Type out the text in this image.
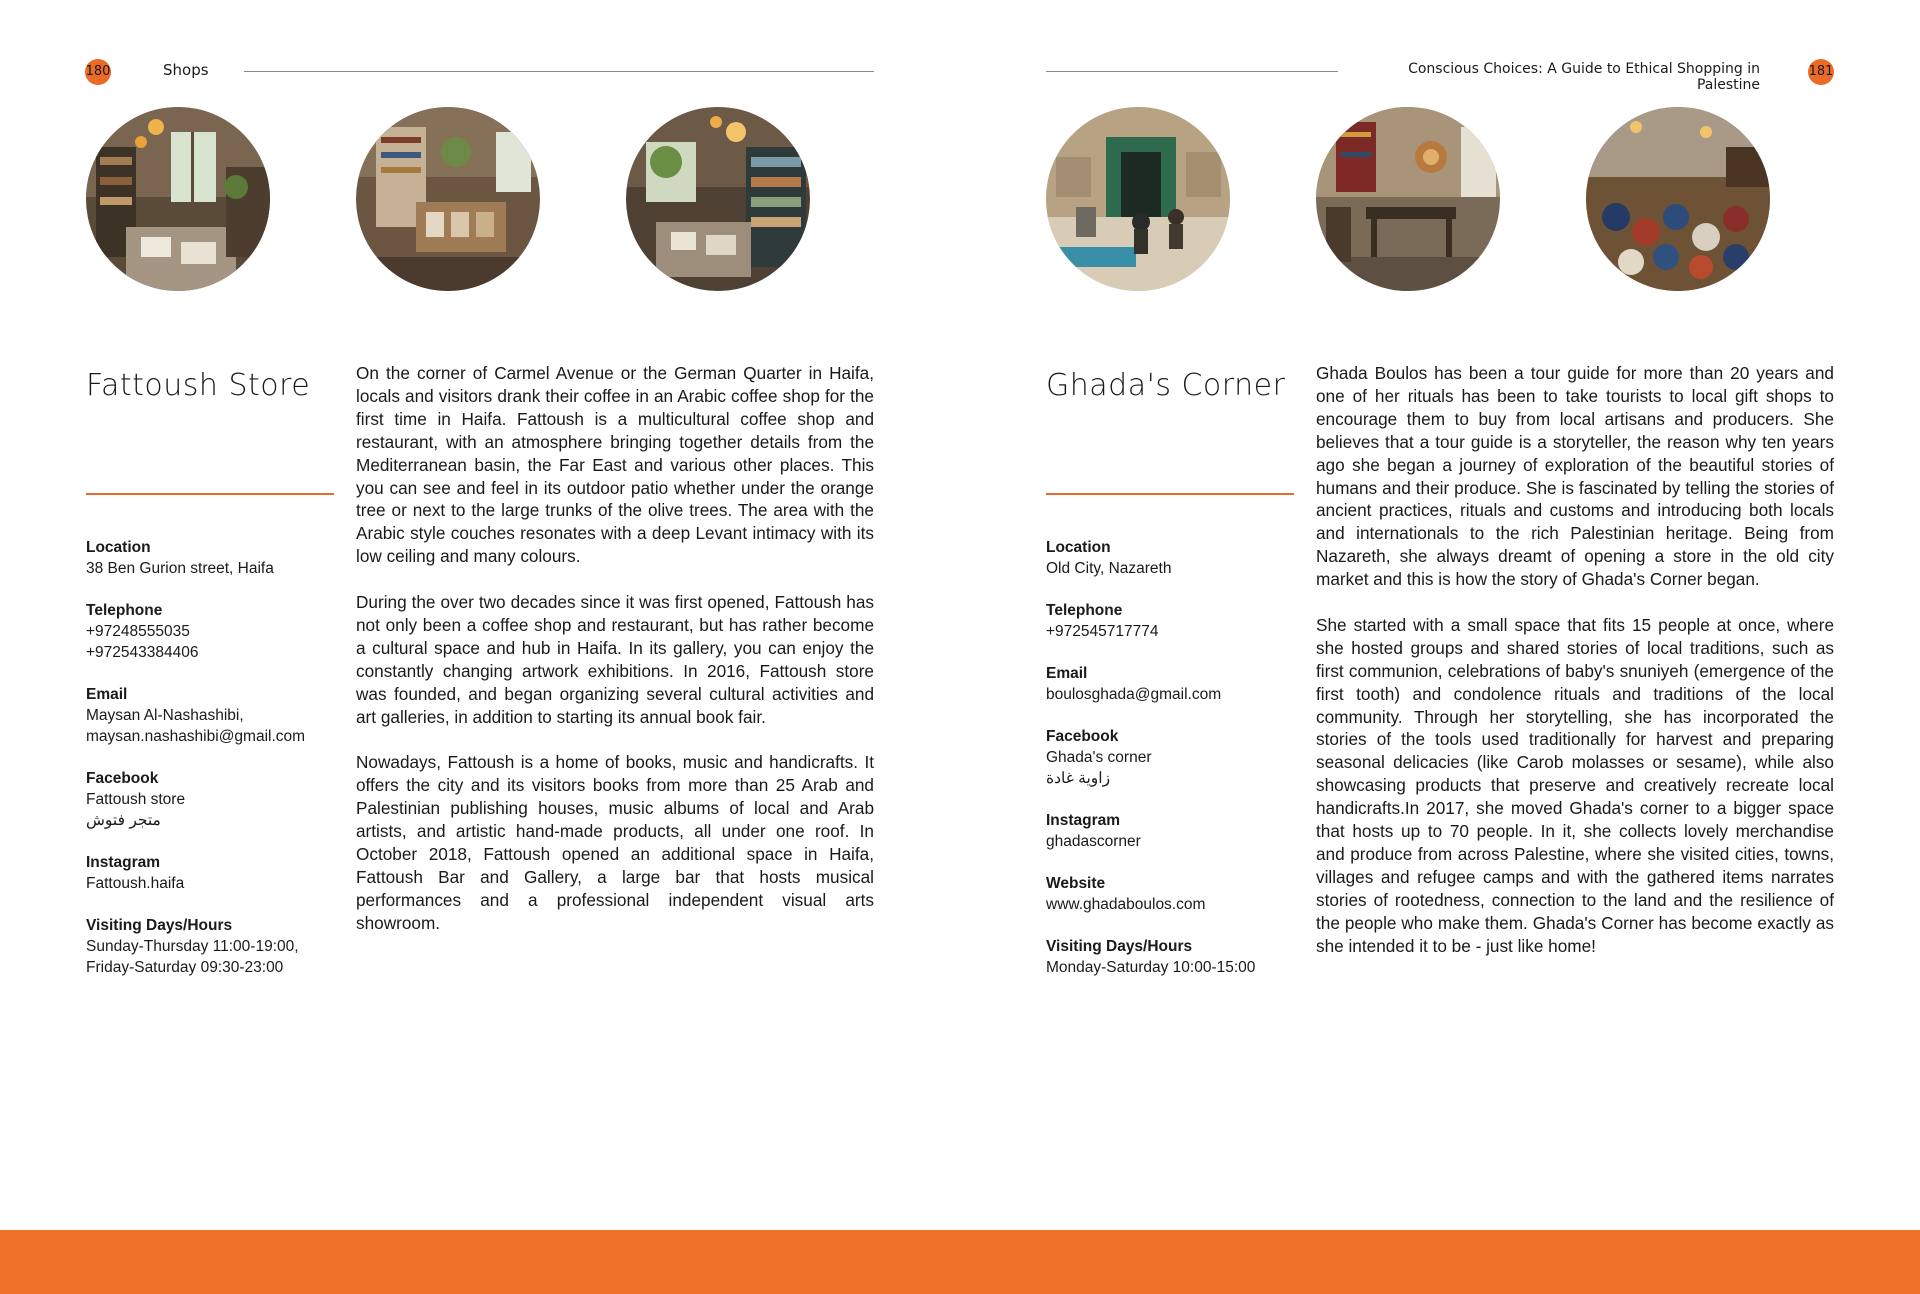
180	Shops
Fattoush Store
Location
38 Ben Gurion street, Haifa
Telephone
+97248555035
+972543384406
Email
Maysan Al-Nashashibi,
maysan.nashashibi@gmail.com
Facebook
Fattoush store
متجر فتوش
Instagram
Fattoush.haifa
Visiting Days/Hours
Sunday-Thursday 11:00-19:00,
Friday-Saturday 09:30-23:00

On the corner of Carmel Avenue or the German Quarter in Haifa, locals and visitors drank their coffee in an Arabic coffee shop for the first time in Haifa. Fattoush is a multicultural coffee shop and restaurant, with an atmosphere bringing together details from the Mediterranean basin, the Far East and various other places. This you can see and feel in its outdoor patio whether under the orange tree or next to the large trunks of the olive trees. The area with the Arabic style couches resonates with a deep Levant intimacy with its low ceiling and many colours.

During the over two decades since it was first opened, Fattoush has not only been a coffee shop and restaurant, but has rather become a cultural space and hub in Haifa. In its gallery, you can enjoy the constantly changing artwork exhibitions. In 2016, Fattoush store was founded, and began organizing several cultural activities and art galleries, in addition to starting its annual book fair.

Nowadays, Fattoush is a home of books, music and handicrafts. It offers the city and its visitors books from more than 25 Arab and Palestinian publishing houses, music albums of local and Arab artists, and artistic hand-made products, all under one roof. In October 2018, Fattoush opened an additional space in Haifa, Fattoush Bar and Gallery, a large bar that hosts musical performances and a professional independent visual arts showroom.

Conscious Choices: A Guide to Ethical Shopping in Palestine
181
Ghada's Corner
Location
Old City, Nazareth
Telephone
+972545717774
Email
boulosghada@gmail.com
Facebook
Ghada's corner
زاوية غادة
Instagram
ghadascorner
Website
www.ghadaboulos.com
Visiting Days/Hours
Monday-Saturday 10:00-15:00

Ghada Boulos has been a tour guide for more than 20 years and one of her rituals has been to take tourists to local gift shops to encourage them to buy from local artisans and producers. She believes that a tour guide is a storyteller, the reason why ten years ago she began a journey of exploration of the beautiful stories of humans and their produce. She is fascinated by telling the stories of ancient practices, rituals and customs and introducing both locals and internationals to the rich Palestinian heritage. Being from Nazareth, she always dreamt of opening a store in the old city market and this is how the story of Ghada's Corner began.

She started with a small space that fits 15 people at once, where she hosted groups and shared stories of local traditions, such as first communion, celebrations of baby's snuniyeh (emergence of the first tooth) and condolence rituals and traditions of the local community. Through her storytelling, she has incorporated the stories of the tools used traditionally for harvest and preparing seasonal delicacies (like Carob molasses or sesame), while also showcasing products that preserve and creatively recreate local handicrafts.In 2017, she moved Ghada's corner to a bigger space that hosts up to 70 people. In it, she collects lovely merchandise and produce from across Palestine, where she visited cities, towns, villages and refugee camps and with the gathered items narrates stories of rootedness, connection to the land and the resilience of the people who make them. Ghada's Corner has become exactly as she intended it to be - just like home!
